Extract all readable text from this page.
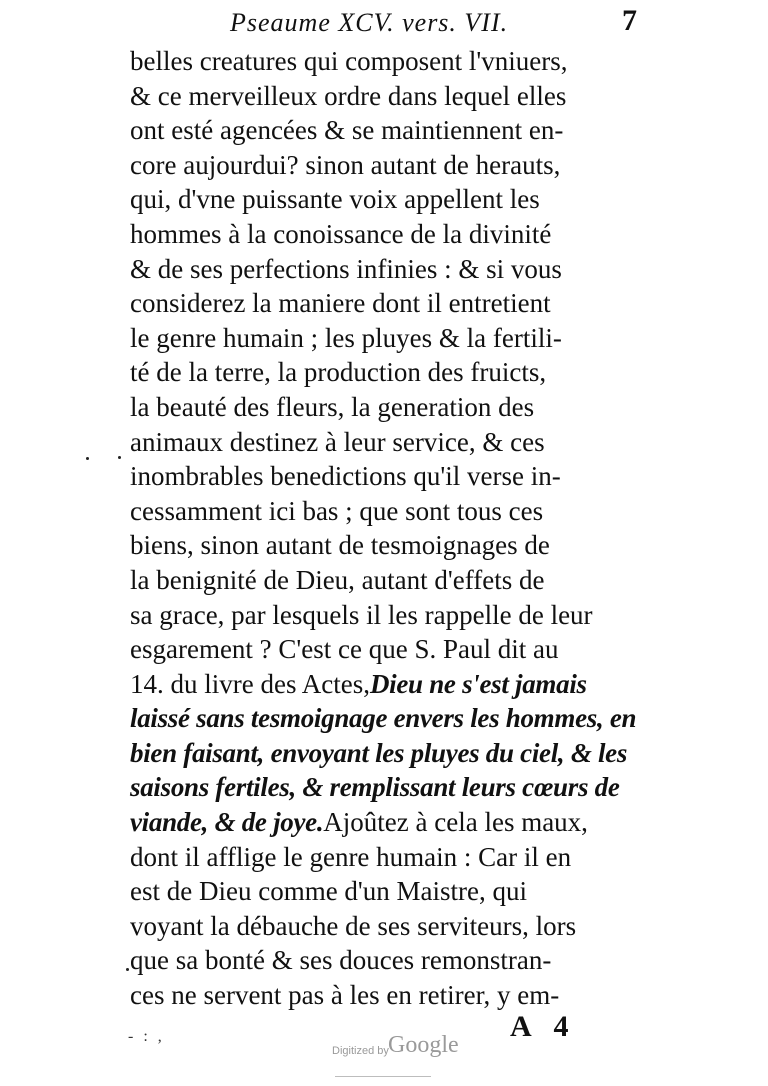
Pseaume XCV. vers. VII.	7
belles creatures qui composent l'vniuers,
& ce merveilleux ordre dans lequel elles
ont esté agencées & se maintiennent en-
core aujourdui? sinon autant de herauts,
qui, d'vne puissante voix appellent les
hommes à la conoissance de la divinité
& de ses perfections infinies : & si vous
considerez la maniere dont il entretient
le genre humain ; les pluyes & la fertili-
té de la terre, la production des fruicts,
la beauté des fleurs, la generation des
animaux destinez à leur service, & ces
inombrables benedictions qu'il verse in-
cessamment ici bas ; que sont tous ces
biens, sinon autant de tesmoignages de
la benignité de Dieu, autant d'effets de
sa grace, par lesquels il les rappelle de leur
esgarement ? C'est ce que S. Paul dit au
14. du livre des Actes,Dieu ne s'est jamais
laissé sans tesmoignage envers les hommes, en
bien faisant, envoyant les pluyes du ciel, & les
saisons fertiles, & remplissant leurs cœurs de
viande, & de joye.Ajoûtez à cela les maux,
dont il afflige le genre humain : Car il en
est de Dieu comme d'un Maistre, qui
voyant la débauche de ses serviteurs, lors
que sa bonté & ses douces remonstran-
ces ne servent pas à les en retirer, y em-
A 4
- : ,
Digitized by Google
